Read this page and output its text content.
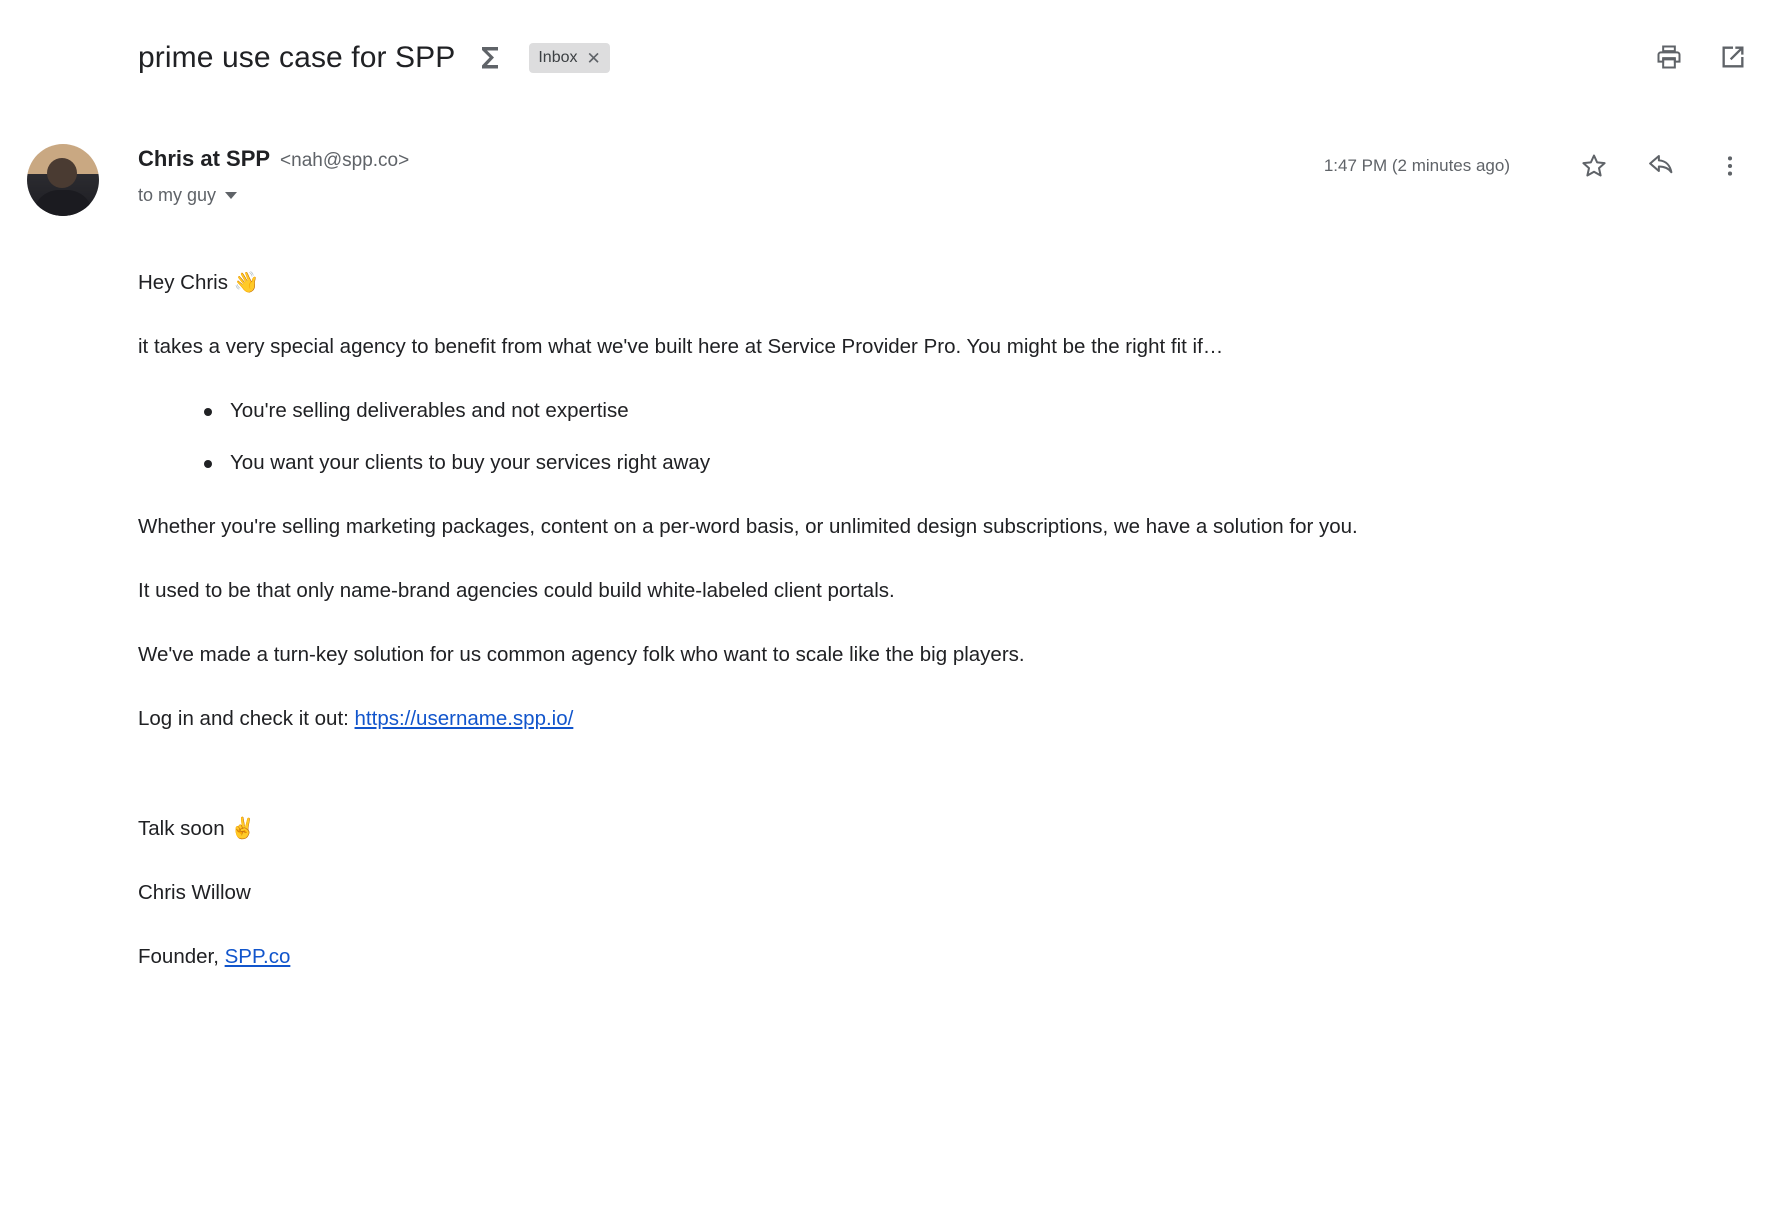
prime use case for SPP	Inbox ✕
Chris at SPP <nah@spp.co>
to my guy
1:47 PM (2 minutes ago)

Hey Chris 👋

it takes a very special agency to benefit from what we've built here at Service Provider Pro. You might be the right fit if…

You're selling deliverables and not expertise
You want your clients to buy your services right away

Whether you're selling marketing packages, content on a per-word basis, or unlimited design subscriptions, we have a solution for you.

It used to be that only name-brand agencies could build white-labeled client portals.

We've made a turn-key solution for us common agency folk who want to scale like the big players.

Log in and check it out: https://username.spp.io/

Talk soon ✌️

Chris Willow

Founder, SPP.co
